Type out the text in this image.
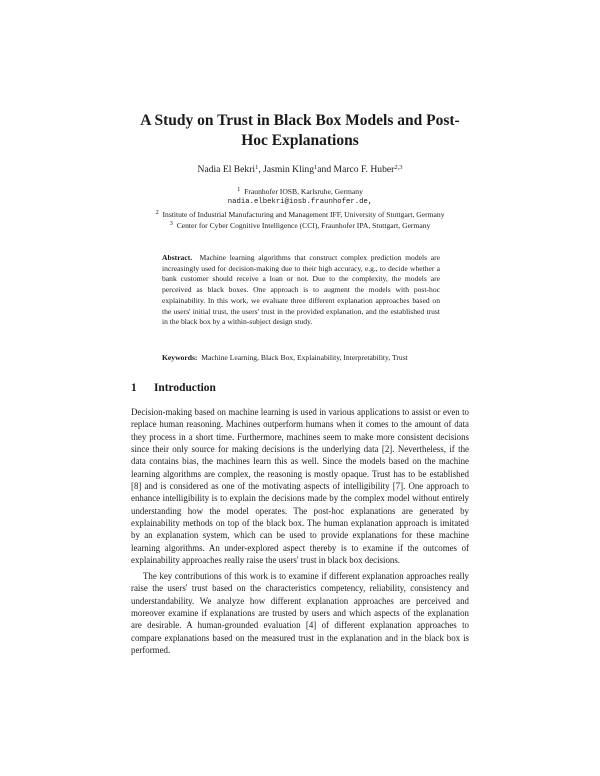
A Study on Trust in Black Box Models and Post-Hoc Explanations
Nadia El Bekri$^1$, Jasmin Kling$^1$and Marco F. Huber$^{2,3}$
$^1$ Fraunhofer IOSB, Karlsruhe, Germany
nadia.elbekri@iosb.fraunhofer.de,
$^2$ Institute of Industrial Manufacturing and Management IFF, University of Stuttgart, Germany
$^3$ Center for Cyber Cognitive Intelligence (CCI), Fraunhofer IPA, Stuttgart, Germany
Abstract. Machine learning algorithms that construct complex prediction models are increasingly used for decision-making due to their high accuracy, e.g., to decide whether a bank customer should receive a loan or not. Due to the complexity, the models are perceived as black boxes. One approach is to augment the models with post-hoc explainability. In this work, we evaluate three different explanation approaches based on the users' initial trust, the users' trust in the provided explanation, and the established trust in the black box by a within-subject design study.
Keywords: Machine Learning, Black Box, Explainability, Interpretability, Trust
1 Introduction

Decision-making based on machine learning is used in various applications to assist or even to replace human reasoning. Machines outperform humans when it comes to the amount of data they process in a short time. Furthermore, machines seem to make more consistent decisions since their only source for making decisions is the underlying data [2]. Nevertheless, if the data contains bias, the machines learn this as well. Since the models based on the machine learning algorithms are complex, the reasoning is mostly opaque. Trust has to be established [8] and is considered as one of the motivating aspects of intelligibility [7]. One approach to enhance intelligibility is to explain the decisions made by the complex model without entirely understanding how the model operates. The post-hoc explanations are generated by explainability methods on top of the black box. The human explanation approach is imitated by an explanation system, which can be used to provide explanations for these machine learning algorithms. An under-explored aspect thereby is to examine if the outcomes of explainability approaches really raise the users' trust in black box decisions.

The key contributions of this work is to examine if different explanation approaches really raise the users' trust based on the characteristics competency, reliability, consistency and understandability. We analyze how different explanation approaches are perceived and moreover examine if explanations are trusted by users and which aspects of the explanation are desirable. A human-grounded evaluation [4] of different explanation approaches to compare explanations based on the measured trust in the explanation and in the black box is performed.
